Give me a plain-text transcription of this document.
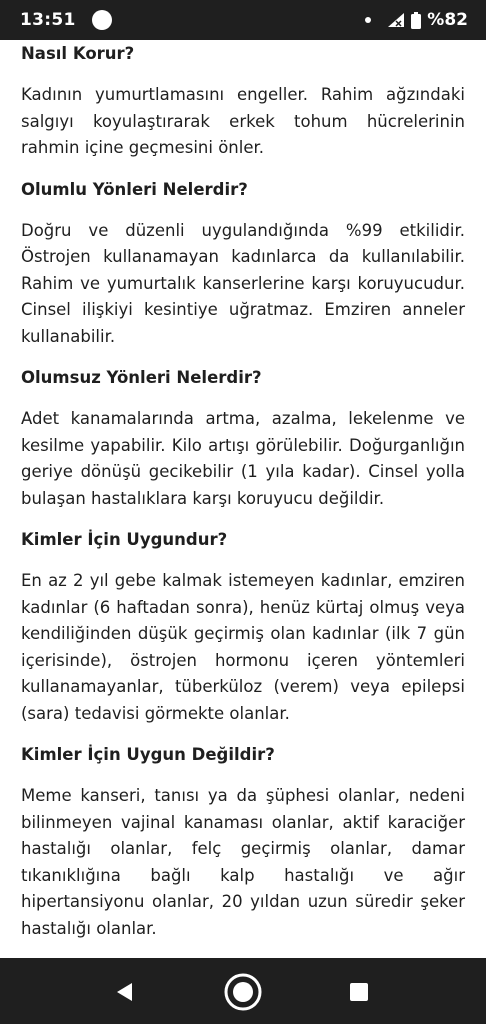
13:51	%82
Nasıl Korur?

Kadının yumurtlamasını engeller. Rahim ağzındaki salgıyı koyulaştırarak erkek tohum hücrelerinin rahmin içine geçmesini önler.

Olumlu Yönleri Nelerdir?

Doğru ve düzenli uygulandığında %99 etkilidir. Östrojen kullanamayan kadınlarca da kullanılabilir. Rahim ve yumurtalık kanserlerine karşı koruyucudur. Cinsel ilişkiyi kesintiye uğratmaz. Emziren anneler kullanabilir.

Olumsuz Yönleri Nelerdir?

Adet kanamalarında artma, azalma, lekelenme ve kesilme yapabilir. Kilo artışı görülebilir. Doğurganlığın geriye dönüşü gecikebilir (1 yıla kadar). Cinsel yolla bulaşan hastalıklara karşı koruyucu değildir.

Kimler İçin Uygundur?

En az 2 yıl gebe kalmak istemeyen kadınlar, emziren kadınlar (6 haftadan sonra), henüz kürtaj olmuş veya kendiliğinden düşük geçirmiş olan kadınlar (ilk 7 gün içerisinde), östrojen hormonu içeren yöntemleri kullanamayanlar, tüberküloz (verem) veya epilepsi (sara) tedavisi görmekte olanlar.

Kimler İçin Uygun Değildir?

Meme kanseri, tanısı ya da şüphesi olanlar, nedeni bilinmeyen vajinal kanaması olanlar, aktif karaciğer hastalığı olanlar, felç geçirmiş olanlar, damar tıkanıklığına bağlı kalp hastalığı ve ağır hipertansiyonu olanlar, 20 yıldan uzun süredir şeker hastalığı olanlar.
